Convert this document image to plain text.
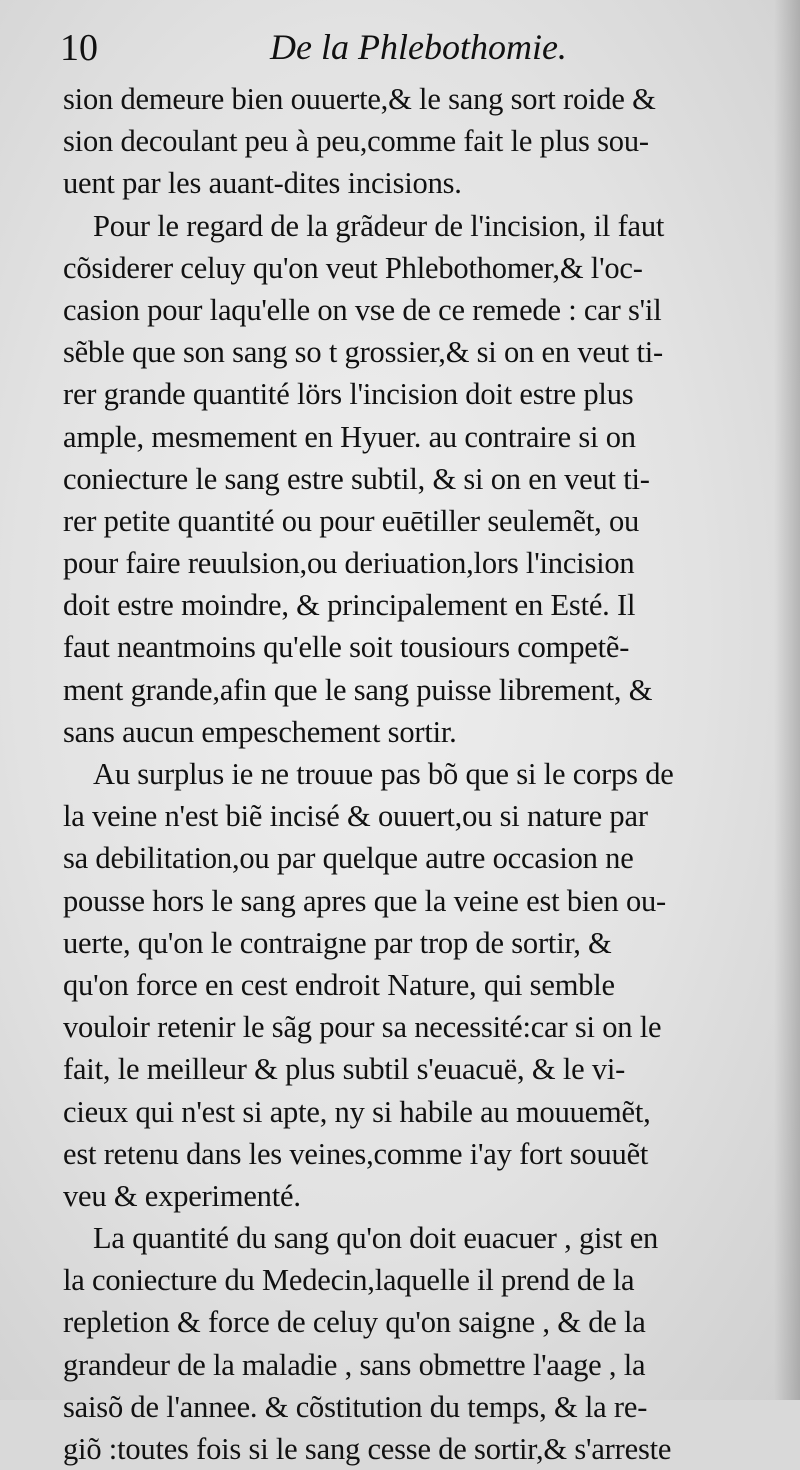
10	De la Phlebothomie.
sion demeure bien ouuerte,& le sang sort roide &
sion decoulant peu à peu,comme fait le plus sou-
uent par les auant-dites incisions.
Pour le regard de la grãdeur de l'incision, il faut
cõsiderer celuy qu'on veut Phlebothomer,& l'oc-
casion pour laqu'elle on vse de ce remede : car s'il
sẽble que son sang so t grossier,& si on en veut ti-
rer grande quantité lörs l'incision doit estre plus
ample, mesmement en Hyuer. au contraire si on
coniecture le sang estre subtil, & si on en veut ti-
rer petite quantité ou pour euētiller seulemẽt, ou
pour faire reuulsion,ou deriuation,lors l'incision
doit estre moindre, & principalement en Esté. Il
faut neantmoins qu'elle soit tousiours competẽ-
ment grande,afin que le sang puisse librement, &
sans aucun empeschement sortir.
Au surplus ie ne trouue pas bõ que si le corps de
la veine n'est biẽ incisé & ouuert,ou si nature par
sa debilitation,ou par quelque autre occasion ne
pousse hors le sang apres que la veine est bien ou-
uerte, qu'on le contraigne par trop de sortir, &
qu'on force en cest endroit Nature, qui semble
vouloir retenir le sãg pour sa necessité:car si on le
fait, le meilleur & plus subtil s'euacuë, & le vi-
cieux qui n'est si apte, ny si habile au mouuemẽt,
est retenu dans les veines,comme i'ay fort souuẽt
veu & experimenté.
La quantité du sang qu'on doit euacuer , gist en
la coniecture du Medecin,laquelle il prend de la
repletion & force de celuy qu'on saigne , & de la
grandeur de la maladie , sans obmettre l'aage , la
saisõ de l'annee. & cõstitution du temps, & la re-
giõ :toutes fois si le sang cesse de sortir,& s'arreste
